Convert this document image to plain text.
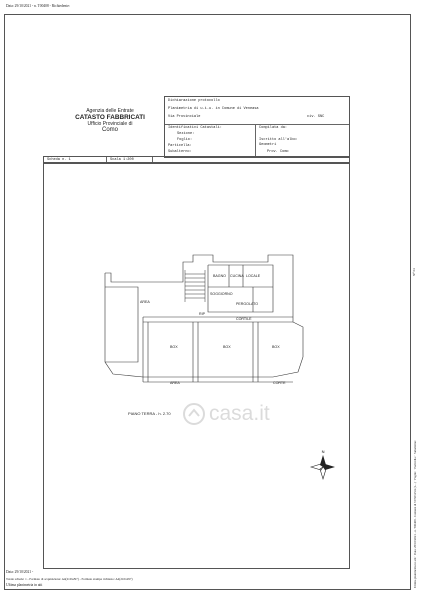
Data: 29/10/2021 - n. T00408 - Richiedente:
Agenzia delle Entrate
CATASTO FABBRICATI
Ufficio Provinciale di
Como
Dichiarazione protocollo
Planimetria di u.i.u. in Comune di Veneasa
Via Provinciale	civ. SNC
Identificativi Catastali:
Sezione:
Foglio:
Particella:
Subalterno:
Compilata da:
Iscritto all'albo:
Geometri
Prov. Como
Scheda n. 1	Scala 1:200
N
BAGNO CUCINA LOCALE
SOGGIORNO
PERGOLATO
CORTILE
RIP
BOX	BOX	BOX
AREA
AREA	CORTE
PIANO TERRA - h. 2.70 casa.it
N° 01
Ultima planimetria in atti · Data: 29/10/2021 - n. T00408 - Comune di VENEASA (L...) · Foglio: · Particella: · Subalterno:
Data: 29/10/2021 -
Totale schede: 1 - Formato di acquisizione: A4(210x297) - Formato stampa richiesto: A4(210x297)
Ultima planimetria in atti
